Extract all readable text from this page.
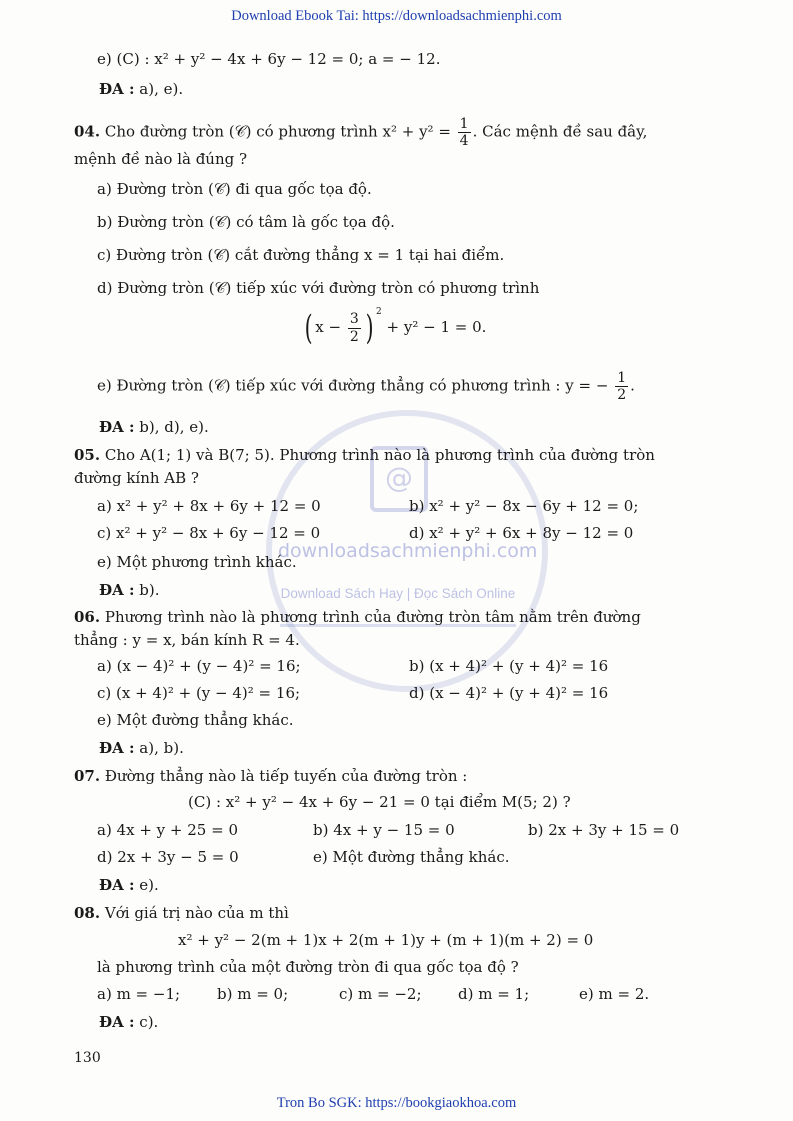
Download Ebook Tai: https://downloadsachmienphi.com
@
downloadsachmienphi.com
Download Sách Hay | Đọc Sách Online
e) (C) : x² + y² − 4x + 6y − 12 = 0; a = − 12.
ĐA : a), e).
04. Cho đường tròn (𝒞) có phương trình $x^2 + y^2 = \frac{1}{4}$ . Các mệnh đề sau đây,
mệnh đề nào là đúng ?
a) Đường tròn (𝒞) đi qua gốc tọa độ.
b) Đường tròn (𝒞) có tâm là gốc tọa độ.
c) Đường tròn (𝒞) cắt đường thẳng x = 1 tại hai điểm.
d) Đường tròn (𝒞) tiếp xúc với đường tròn có phương trình
( $x - \frac{3}{2}$ ) $^2$ + y² − 1 = 0.
e) Đường tròn (𝒞) tiếp xúc với đường thẳng có phương trình : y = − $\frac{1}{2}$ .
ĐA : b), d), e).
05. Cho A(1; 1) và B(7; 5). Phương trình nào là phương trình của đường tròn
đường kính AB ?
a) x² + y² + 8x + 6y + 12 = 0	b) x² + y² − 8x − 6y + 12 = 0;
c) x² + y² − 8x + 6y − 12 = 0	d) x² + y² + 6x + 8y − 12 = 0
e) Một phương trình khác.
ĐA : b).
06. Phương trình nào là phương trình của đường tròn tâm nằm trên đường
thẳng : y = x, bán kính R = 4.
a) (x − 4)² + (y − 4)² = 16;	b) (x + 4)² + (y + 4)² = 16
c) (x + 4)² + (y − 4)² = 16;	d) (x − 4)² + (y + 4)² = 16
e) Một đường thẳng khác.
ĐA : a), b).
07. Đường thẳng nào là tiếp tuyến của đường tròn :
(C) : x² + y² − 4x + 6y − 21 = 0 tại điểm M(5; 2) ?
a) 4x + y + 25 = 0	b) 4x + y − 15 = 0	b) 2x + 3y + 15 = 0
d) 2x + 3y − 5 = 0	e) Một đường thẳng khác.
ĐA : e).
08. Với giá trị nào của m thì
x² + y² − 2(m + 1)x + 2(m + 1)y + (m + 1)(m + 2) = 0
là phương trình của một đường tròn đi qua gốc tọa độ ?
a) m = −1; b) m = 0;	c) m = −2; d) m = 1;	e) m = 2.
ĐA : c).
130
Tron Bo SGK: https://bookgiaokhoa.com
